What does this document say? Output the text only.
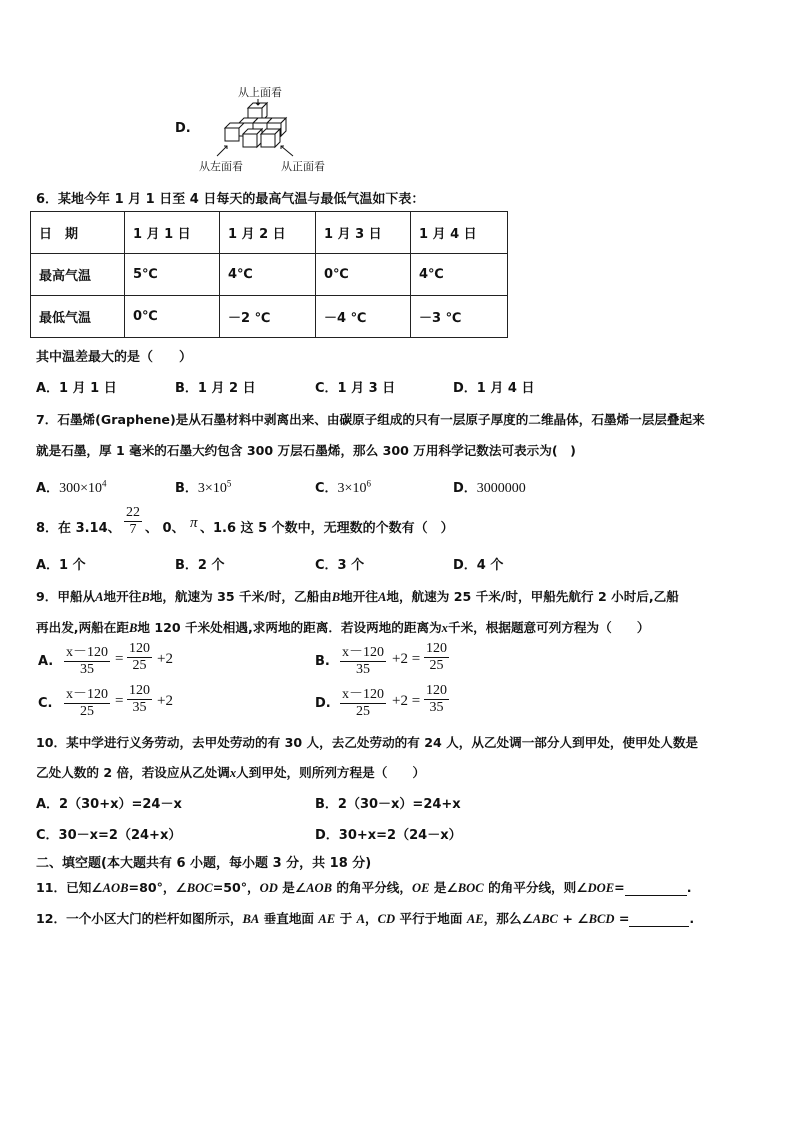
D.
从上面看
从左面看	从正面看
6．某地今年 1 月 1 日至 4 日每天的最高气温与最低气温如下表：
日　期	1 月 1 日	1 月 2 日	1 月 3 日	1 月 4 日
最高气温	5℃	4℃	0℃	4℃
最低气温	0℃	－2 ℃	－4 ℃	－3 ℃
其中温差最大的是（　　）
A．1 月 1 日	B．1 月 2 日	C．1 月 3 日	D．1 月 4 日
7．石墨烯(Graphene)是从石墨材料中剥离出来、由碳原子组成的只有一层原子厚度的二维晶体，石墨烯一层层叠起来
就是石墨，厚 1 毫米的石墨大约包含 300 万层石墨烯，那么 300 万用科学记数法可表示为(　)
A．$300\times 10^4$	B．$3\times 10^5$	C．$3\times 10^6$	D．3000000
8．在 3.14、 $\frac{22}{7}$ 、 0、 π 、1.6 这 5 个数中，无理数的个数有（　）
A．1 个	B．2 个	C．3 个	D．4 个
9．甲船从A地开往B地，航速为 35 千米/时，乙船由B地开往A地，航速为 25 千米/时，甲船先航行 2 小时后,乙船
再出发,两船在距B地 120 千米处相遇,求两地的距离．若设两地的距离为x千米，根据题意可列方程为（　　）
A. $\frac{x-120}{35} = \frac{120}{25} +2$	B. $\frac{x-120}{35} +2 = \frac{120}{25}$
C. $\frac{x-120}{25} = \frac{120}{35} +2$	D. $\frac{x-120}{25} +2 = \frac{120}{35}$
10．某中学进行义务劳动，去甲处劳动的有 30 人，去乙处劳动的有 24 人，从乙处调一部分人到甲处，使甲处人数是
乙处人数的 2 倍，若设应从乙处调x人到甲处，则所列方程是（　　）
A．2（30+x）=24－x	B．2（30－x）=24+x
C．30－x=2（24+x）	D．30+x=2（24－x）
二、填空题(本大题共有 6 小题，每小题 3 分，共 18 分)
11．已知∠AOB=80°，∠BOC=50°，OD 是∠AOB 的角平分线，OE 是∠BOC 的角平分线，则∠DOE=	.
12．一个小区大门的栏杆如图所示，BA 垂直地面 AE 于 A，CD 平行于地面 AE，那么∠ABC + ∠BCD =	.
